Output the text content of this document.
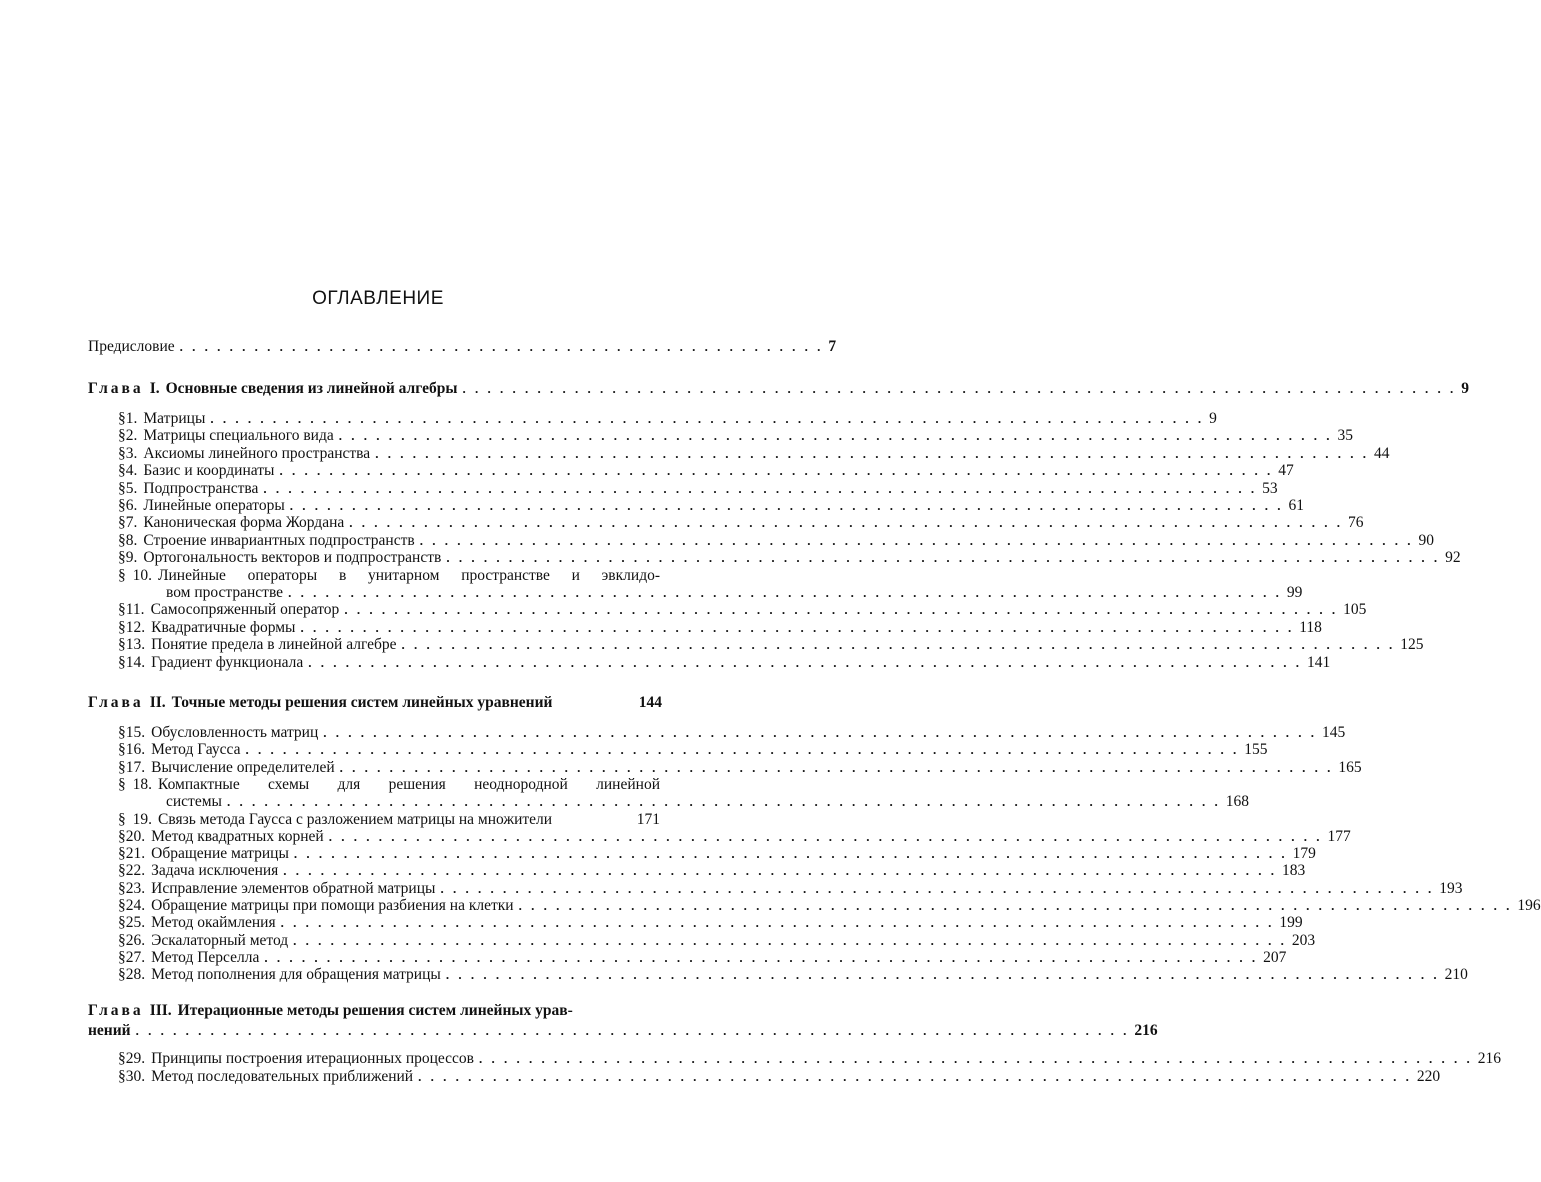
ОГЛАВЛЕНИЕ
Предисловие . . . . . . . . . . . . . . . . . . . . . . . . . . . . . . . . . . . . . . . . . . . . . . . . . . . . 7
Глава I. Основные сведения из линейной алгебры . . . . . . . . . . . . . . . . . . . . . . . . . . . . . . . . . . . . . . . . . . . . . . . . . . . . . . . . . . . . . . . . . . . . . . . . . . . . . . . . 9
§ 1. Матрицы . . . . . . . . . . . . . . . . . . . . . . . . . . . . . . . . . . . . . . . . . . . . . . . . . . . . . . . . . . . . . . . . . . . . . . . . . . . . . . . . 9
§ 2. Матрицы специального вида . . . . . . . . . . . . . . . . . . . . . . . . . . . . . . . . . . . . . . . . . . . . . . . . . . . . . . . . . . . . . . . . . . . . . . . . . . . . . . . . 35
§ 3. Аксиомы линейного пространства . . . . . . . . . . . . . . . . . . . . . . . . . . . . . . . . . . . . . . . . . . . . . . . . . . . . . . . . . . . . . . . . . . . . . . . . . . . . . . . . 44
§ 4. Базис и координаты . . . . . . . . . . . . . . . . . . . . . . . . . . . . . . . . . . . . . . . . . . . . . . . . . . . . . . . . . . . . . . . . . . . . . . . . . . . . . . . . 47
§ 5. Подпространства . . . . . . . . . . . . . . . . . . . . . . . . . . . . . . . . . . . . . . . . . . . . . . . . . . . . . . . . . . . . . . . . . . . . . . . . . . . . . . . . 53
§ 6. Линейные операторы . . . . . . . . . . . . . . . . . . . . . . . . . . . . . . . . . . . . . . . . . . . . . . . . . . . . . . . . . . . . . . . . . . . . . . . . . . . . . . . . 61
§ 7. Каноническая форма Жордана . . . . . . . . . . . . . . . . . . . . . . . . . . . . . . . . . . . . . . . . . . . . . . . . . . . . . . . . . . . . . . . . . . . . . . . . . . . . . . . . 76
§ 8. Строение инвариантных подпространств . . . . . . . . . . . . . . . . . . . . . . . . . . . . . . . . . . . . . . . . . . . . . . . . . . . . . . . . . . . . . . . . . . . . . . . . . . . . . . . . 90
§ 9. Ортогональность векторов и подпространств . . . . . . . . . . . . . . . . . . . . . . . . . . . . . . . . . . . . . . . . . . . . . . . . . . . . . . . . . . . . . . . . . . . . . . . . . . . . . . . . 92
§ 10. Линейные операторы в унитарном пространстве и эвклидо-
вом пространстве . . . . . . . . . . . . . . . . . . . . . . . . . . . . . . . . . . . . . . . . . . . . . . . . . . . . . . . . . . . . . . . . . . . . . . . . . . . . . . . . 99
§ 11. Самосопряженный оператор . . . . . . . . . . . . . . . . . . . . . . . . . . . . . . . . . . . . . . . . . . . . . . . . . . . . . . . . . . . . . . . . . . . . . . . . . . . . . . . . 105
§ 12. Квадратичные формы . . . . . . . . . . . . . . . . . . . . . . . . . . . . . . . . . . . . . . . . . . . . . . . . . . . . . . . . . . . . . . . . . . . . . . . . . . . . . . . . 118
§ 13. Понятие предела в линейной алгебре . . . . . . . . . . . . . . . . . . . . . . . . . . . . . . . . . . . . . . . . . . . . . . . . . . . . . . . . . . . . . . . . . . . . . . . . . . . . . . . . 125
§ 14. Градиент функционала . . . . . . . . . . . . . . . . . . . . . . . . . . . . . . . . . . . . . . . . . . . . . . . . . . . . . . . . . . . . . . . . . . . . . . . . . . . . . . . . 141
Глава II. Точные методы решения систем линейных уравнений	144
§ 15. Обусловленность матриц . . . . . . . . . . . . . . . . . . . . . . . . . . . . . . . . . . . . . . . . . . . . . . . . . . . . . . . . . . . . . . . . . . . . . . . . . . . . . . . . 145
§ 16. Метод Гаусса . . . . . . . . . . . . . . . . . . . . . . . . . . . . . . . . . . . . . . . . . . . . . . . . . . . . . . . . . . . . . . . . . . . . . . . . . . . . . . . . 155
§ 17. Вычисление определителей . . . . . . . . . . . . . . . . . . . . . . . . . . . . . . . . . . . . . . . . . . . . . . . . . . . . . . . . . . . . . . . . . . . . . . . . . . . . . . . . 165
§ 18. Компактные схемы для решения неоднородной линейной
системы . . . . . . . . . . . . . . . . . . . . . . . . . . . . . . . . . . . . . . . . . . . . . . . . . . . . . . . . . . . . . . . . . . . . . . . . . . . . . . . . 168
§ 19. Связь метода Гаусса с разложением матрицы на множители	171
§ 20. Метод квадратных корней . . . . . . . . . . . . . . . . . . . . . . . . . . . . . . . . . . . . . . . . . . . . . . . . . . . . . . . . . . . . . . . . . . . . . . . . . . . . . . . . 177
§ 21. Обращение матрицы . . . . . . . . . . . . . . . . . . . . . . . . . . . . . . . . . . . . . . . . . . . . . . . . . . . . . . . . . . . . . . . . . . . . . . . . . . . . . . . . 179
§ 22. Задача исключения . . . . . . . . . . . . . . . . . . . . . . . . . . . . . . . . . . . . . . . . . . . . . . . . . . . . . . . . . . . . . . . . . . . . . . . . . . . . . . . . 183
§ 23. Исправление элементов обратной матрицы . . . . . . . . . . . . . . . . . . . . . . . . . . . . . . . . . . . . . . . . . . . . . . . . . . . . . . . . . . . . . . . . . . . . . . . . . . . . . . . . 193
§ 24. Обращение матрицы при помощи разбиения на клетки . . . . . . . . . . . . . . . . . . . . . . . . . . . . . . . . . . . . . . . . . . . . . . . . . . . . . . . . . . . . . . . . . . . . . . . . . . . . . . . . 196
§ 25. Метод окаймления . . . . . . . . . . . . . . . . . . . . . . . . . . . . . . . . . . . . . . . . . . . . . . . . . . . . . . . . . . . . . . . . . . . . . . . . . . . . . . . . 199
§ 26. Эскалаторный метод . . . . . . . . . . . . . . . . . . . . . . . . . . . . . . . . . . . . . . . . . . . . . . . . . . . . . . . . . . . . . . . . . . . . . . . . . . . . . . . . 203
§ 27. Метод Перселла . . . . . . . . . . . . . . . . . . . . . . . . . . . . . . . . . . . . . . . . . . . . . . . . . . . . . . . . . . . . . . . . . . . . . . . . . . . . . . . . 207
§ 28. Метод пополнения для обращения матрицы . . . . . . . . . . . . . . . . . . . . . . . . . . . . . . . . . . . . . . . . . . . . . . . . . . . . . . . . . . . . . . . . . . . . . . . . . . . . . . . . 210
Глава III. Итерационные методы решения систем линейных урав-
нений . . . . . . . . . . . . . . . . . . . . . . . . . . . . . . . . . . . . . . . . . . . . . . . . . . . . . . . . . . . . . . . . . . . . . . . . . . . . . . . . 216
§ 29. Принципы построения итерационных процессов . . . . . . . . . . . . . . . . . . . . . . . . . . . . . . . . . . . . . . . . . . . . . . . . . . . . . . . . . . . . . . . . . . . . . . . . . . . . . . . . 216
§ 30. Метод последовательных приближений . . . . . . . . . . . . . . . . . . . . . . . . . . . . . . . . . . . . . . . . . . . . . . . . . . . . . . . . . . . . . . . . . . . . . . . . . . . . . . . . 220
